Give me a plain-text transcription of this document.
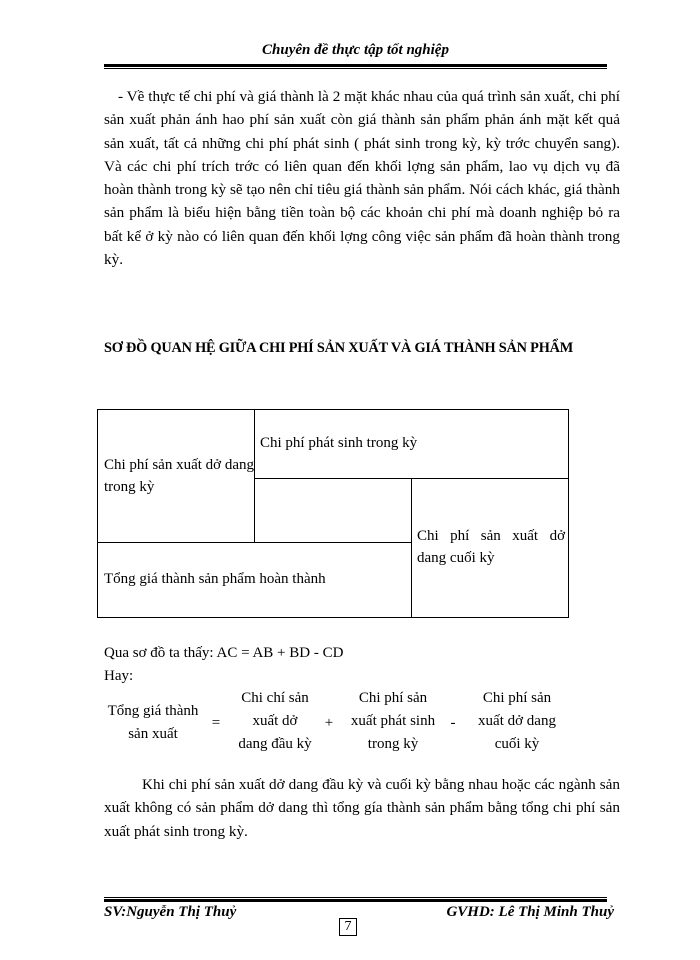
Chuyên đề thực tập tốt nghiệp

- Về thực tế chi phí và giá thành là 2 mặt khác nhau của quá trình sản xuất, chi phí sản xuất phản ánh hao phí sản xuất còn giá thành sản phẩm phản ánh mặt kết quả sản xuất, tất cả những chi phí phát sinh ( phát sinh trong kỳ, kỳ trớc chuyển sang). Và các chi phí trích trớc có liên quan đến khối lợng sản phẩm, lao vụ dịch vụ đã hoàn thành trong kỳ sẽ tạo nên chỉ tiêu giá thành sản phẩm. Nói cách khác, giá thành sản phẩm là biểu hiện bằng tiền toàn bộ các khoản chi phí mà doanh nghiệp bỏ ra bất kể ở kỳ nào có liên quan đến khối lợng công việc sản phẩm đã hoàn thành trong kỳ.

SƠ ĐỒ QUAN HỆ GIỮA CHI PHÍ SẢN XUẤT VÀ GIÁ THÀNH SẢN PHẨM
Chi phí sản xuất dở dang trong kỳ
Chi phí phát sinh trong kỳ
Chi phí sản xuất dở dang cuối kỳ
Tổng giá thành sản phẩm hoàn thành
Qua sơ đồ ta thấy: AC = AB + BD - CD
Hay:
Tổng giá thành
sản xuất
=
Chi chí sản
xuất dở
dang đầu kỳ
+
Chi phí sản
xuất phát sinh
trong kỳ
-
Chi phí sản
xuất dở dang
cuối kỳ

Khi chi phí sản xuất dở dang đầu kỳ và cuối kỳ bằng nhau hoặc các ngành sản xuất không có sản phẩm dở dang thì tổng gía thành sản phẩm bằng tổng chi phí sản xuất phát sinh trong kỳ.

SV:Nguyễn Thị Thuỷ	GVHD: Lê Thị Minh Thuỷ
7
